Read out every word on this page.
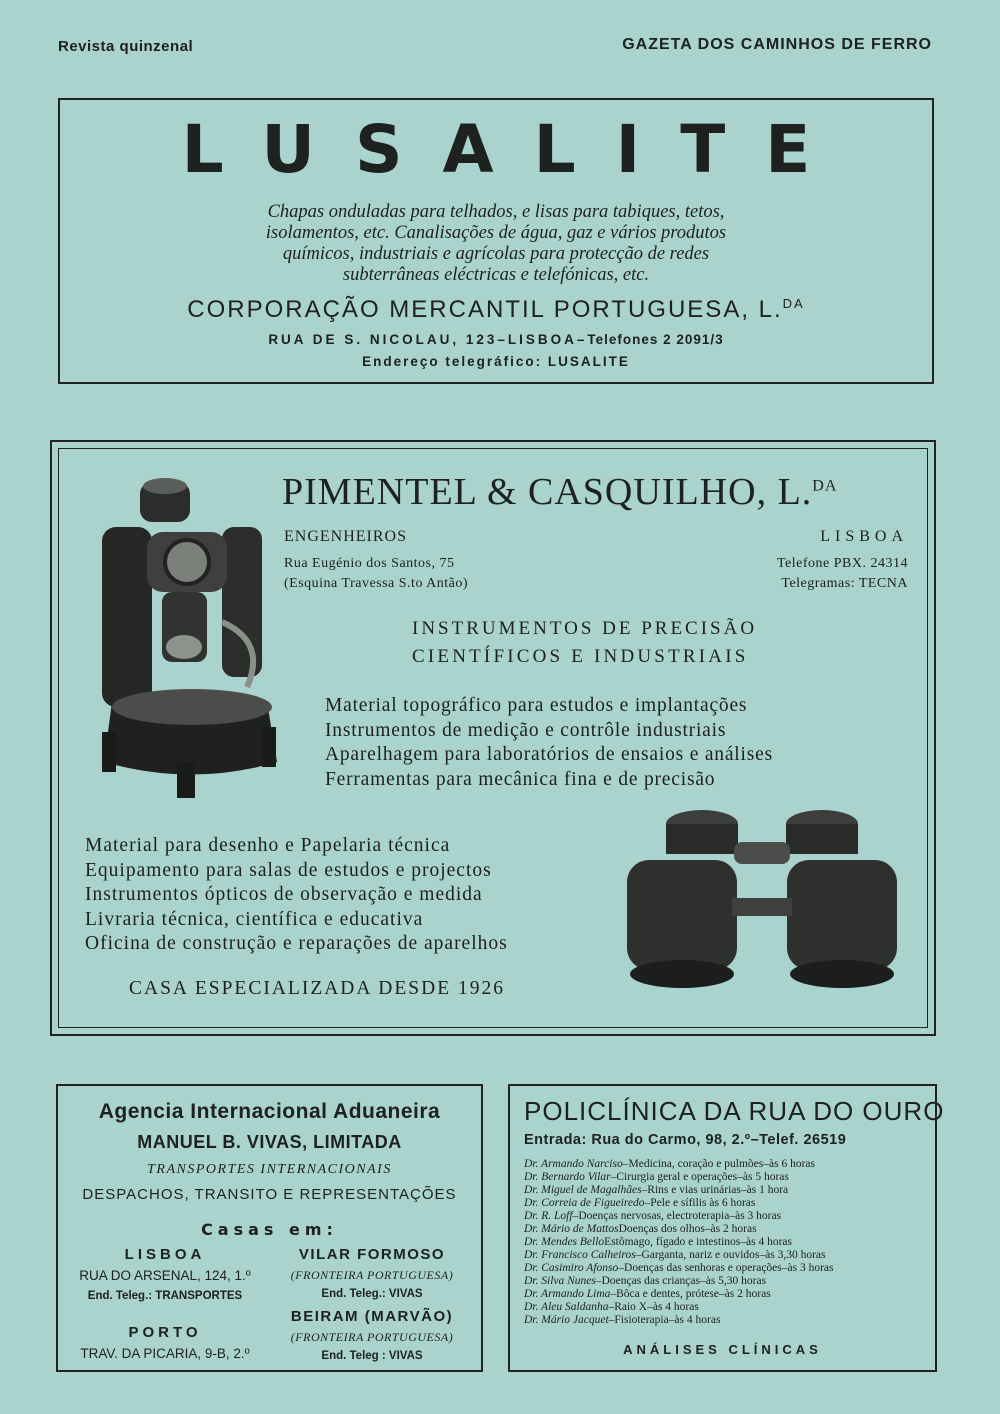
Revista quinzenal	GAZETA DOS CAMINHOS DE FERRO
LUSALITE
Chapas onduladas para telhados, e lisas para tabiques, tetos,
isolamentos, etc. Canalisações de água, gaz e vários produtos
químicos, industriais e agrícolas para protecção de redes
subterrâneas eléctricas e telefónicas, etc.
CORPORAÇÃO MERCANTIL PORTUGUESA, L.$^{DA}$
RUA DE S. NICOLAU, 123–LISBOA–Telefones 2 2091/3
Endereço telegráfico: LUSALITE
PIMENTEL & CASQUILHO, L.$^{DA}$
ENGENHEIROS	LISBOA
Rua Eugénio dos Santos, 75
(Esquina Travessa S.to Antão)
Telefone PBX. 24314
Telegramas: TECNA
INSTRUMENTOS DE PRECISÃO
CIENTÍFICOS E INDUSTRIAIS
Material topográfico para estudos e implantações
Instrumentos de medição e contrôle industriais
Aparelhagem para laboratórios de ensaios e análises
Ferramentas para mecânica fina e de precisão
Material para desenho e Papelaria técnica
Equipamento para salas de estudos e projectos
Instrumentos ópticos de observação e medida
Livraria técnica, científica e educativa
Oficina de construção e reparações de aparelhos
CASA ESPECIALIZADA DESDE 1926
Agencia Internacional Aduaneira
MANUEL B. VIVAS, LIMITADA
TRANSPORTES INTERNACIONAIS
DESPACHOS, TRANSITO E REPRESENTAÇÕES
Casas em:
LISBOA
RUA DO ARSENAL, 124, 1.º
End. Teleg.: TRANSPORTES
PORTO
TRAV. DA PICARIA, 9-B, 2.º
VILAR FORMOSO
(FRONTEIRA PORTUGUESA)
End. Teleg.: VIVAS
BEIRAM (MARVÃO)
(FRONTEIRA PORTUGUESA)
End. Teleg : VIVAS
POLICLÍNICA DA RUA DO OURO
Entrada: Rua do Carmo, 98, 2.º–Telef. 26519
Dr. Armando Narciso–Medicina, coração e pulmões–às 6 horas
Dr. Bernardo Vilar–Cirurgia geral e operações–às 5 horas
Dr. Miguel de Magalhães–Rins e vias urinárias–às 1 hora
Dr. Correia de Figueiredo–Pele e sífilis às 6 horas
Dr. R. Loff–Doenças nervosas, electroterapia–às 3 horas
Dr. Mário de MattosDoenças dos olhos–às 2 horas
Dr. Mendes BelloEstômago, fígado e intestinos–às 4 horas
Dr. Francisco Calheiros–Garganta, nariz e ouvidos–às 3,30 horas
Dr. Casimiro Afonso–Doenças das senhoras e operações–às 3 horas
Dr. Silva Nunes–Doenças das crianças–às 5,30 horas
Dr. Armando Lima–Bôca e dentes, prótese–às 2 horas
Dr. Aleu Saldanha–Raio X–às 4 horas
Dr. Mário Jacquet–Fisioterapia–às 4 horas
ANÁLISES CLÍNICAS
